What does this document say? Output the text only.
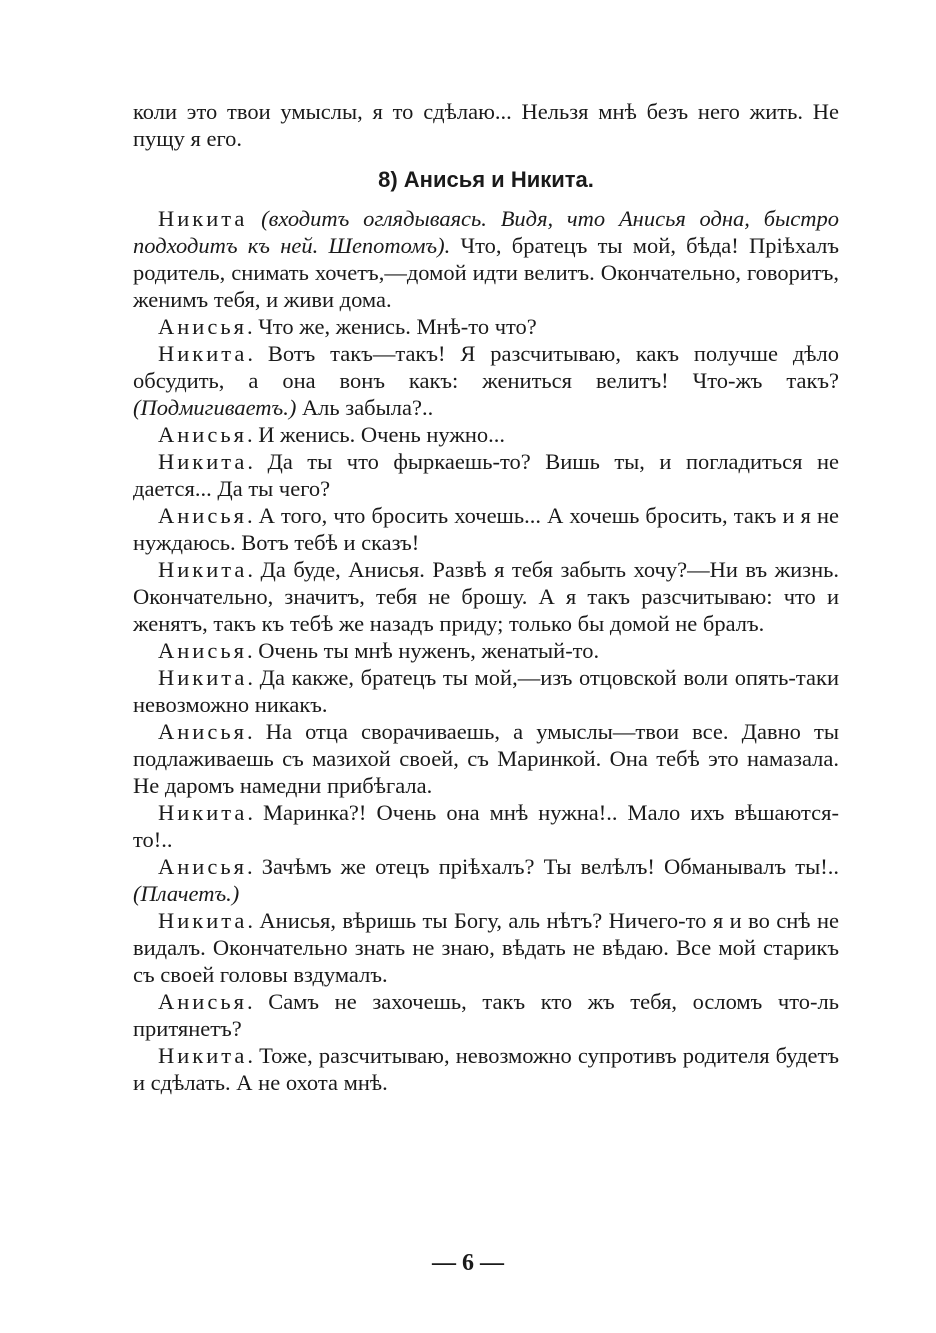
коли это твои умыслы, я то сдѣлаю... Нельзя мнѣ безъ него жить. Не пущу я его.

8) Анисья и Никита.

Никита (входитъ оглядываясь. Видя, что Анисья одна, быстро подходитъ къ ней. Шепотомъ). Что, братецъ ты мой, бѣда! Пріѣхалъ родитель, снимать хочетъ,—домой идти велитъ. Окончательно, говоритъ, женимъ тебя, и живи дома.

Анисья. Что же, женись. Мнѣ-то что?

Никита. Вотъ такъ—такъ! Я разсчитываю, какъ получше дѣло обсудить, а она вонъ какъ: жениться велитъ! Что-жъ такъ? (Подмигиваетъ.) Аль забыла?..

Анисья. И женись. Очень нужно...

Никита. Да ты что фыркаешь-то? Вишь ты, и погладиться не дается... Да ты чего?

Анисья. А того, что бросить хочешь... А хочешь бросить, такъ и я не нуждаюсь. Вотъ тебѣ и сказъ!

Никита. Да буде, Анисья. Развѣ я тебя забыть хочу?—Ни въ жизнь. Окончательно, значитъ, тебя не брошу. А я такъ разсчитываю: что и женятъ, такъ къ тебѣ же назадъ приду; только бы домой не бралъ.

Анисья. Очень ты мнѣ нуженъ, женатый-то.

Никита. Да какже, братецъ ты мой,—изъ отцовской воли опять-таки невозможно никакъ.

Анисья. На отца сворачиваешь, а умыслы—твои все. Давно ты подлаживаешь съ мазихой своей, съ Маринкой. Она тебѣ это намазала. Не даромъ намедни прибѣгала.

Никита. Маринка?! Очень она мнѣ нужна!.. Мало ихъ вѣшаются-то!..

Анисья. Зачѣмъ же отецъ пріѣхалъ? Ты велѣлъ! Обманывалъ ты!.. (Плачетъ.)

Никита. Анисья, вѣришь ты Богу, аль нѣтъ? Ничего-то я и во снѣ не видалъ. Окончательно знать не знаю, вѣдать не вѣдаю. Все мой старикъ съ своей головы вздумалъ.

Анисья. Самъ не захочешь, такъ кто жъ тебя, осломъ что-ль притянетъ?

Никита. Тоже, разсчитываю, невозможно супротивъ родителя будетъ и сдѣлать. А не охота мнѣ.

— 6 —
